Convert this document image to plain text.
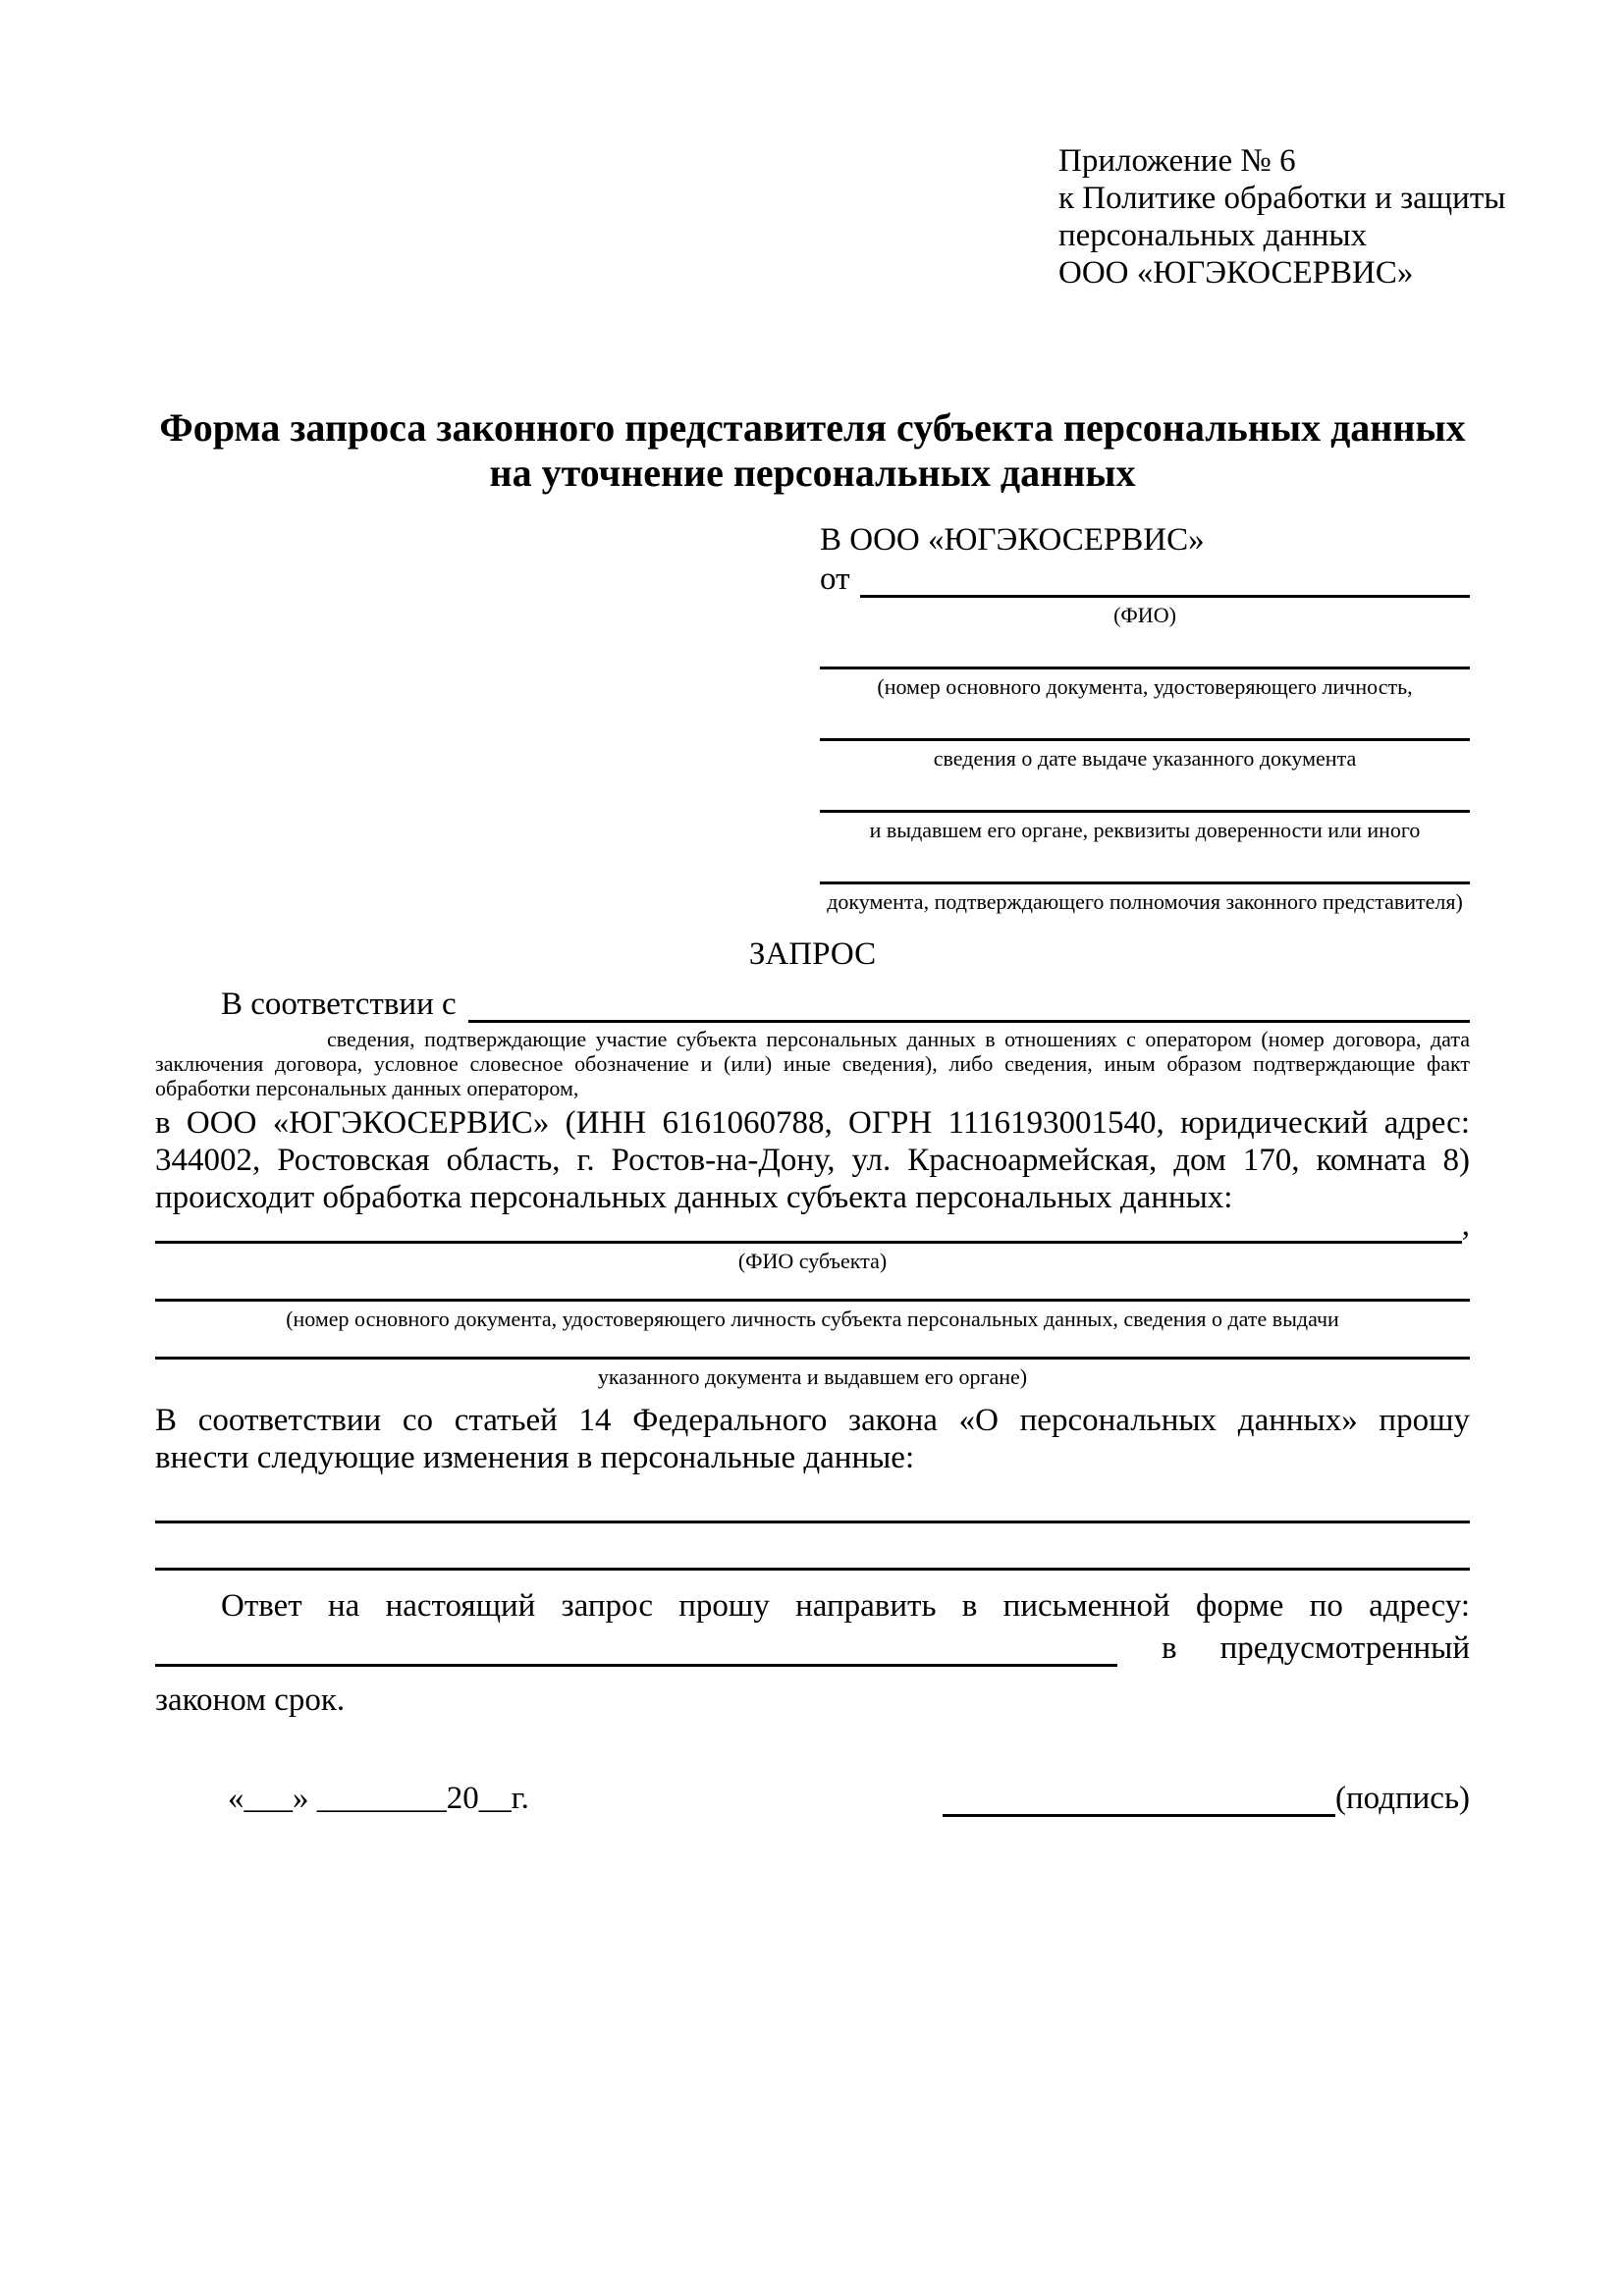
Приложение № 6
к Политике обработки и защиты
персональных данных
ООО «ЮГЭКОСЕРВИС»
Форма запроса законного представителя субъекта персональных данных на уточнение персональных данных
В ООО «ЮГЭКОСЕРВИС»
от
(ФИО)
(номер основного документа, удостоверяющего личность,
сведения о дате выдаче указанного документа
и выдавшем его органе, реквизиты доверенности или иного
документа, подтверждающего полномочия законного представителя)
ЗАПРОС
В соответствии с
сведения, подтверждающие участие субъекта персональных данных в отношениях с оператором (номер договора, дата заключения договора, условное словесное обозначение и (или) иные сведения), либо сведения, иным образом подтверждающие факт обработки персональных данных оператором,
в ООО «ЮГЭКОСЕРВИС» (ИНН 6161060788, ОГРН 1116193001540, юридический адрес:
344002, Ростовская область, г. Ростов-на-Дону, ул. Красноармейская, дом 170, комната 8)
происходит обработка персональных данных субъекта персональных данных:
,
(ФИО субъекта)
(номер основного документа, удостоверяющего личность субъекта персональных данных, сведения о дате выдачи
указанного документа и выдавшем его органе)
В соответствии со статьей 14 Федерального закона «О персональных данных» прошу
внести следующие изменения в персональные данные:
Ответ на настоящий запрос прошу направить в письменной форме по адресу:
в предусмотренный
законом срок.
«___» ________20__г.	(подпись)
